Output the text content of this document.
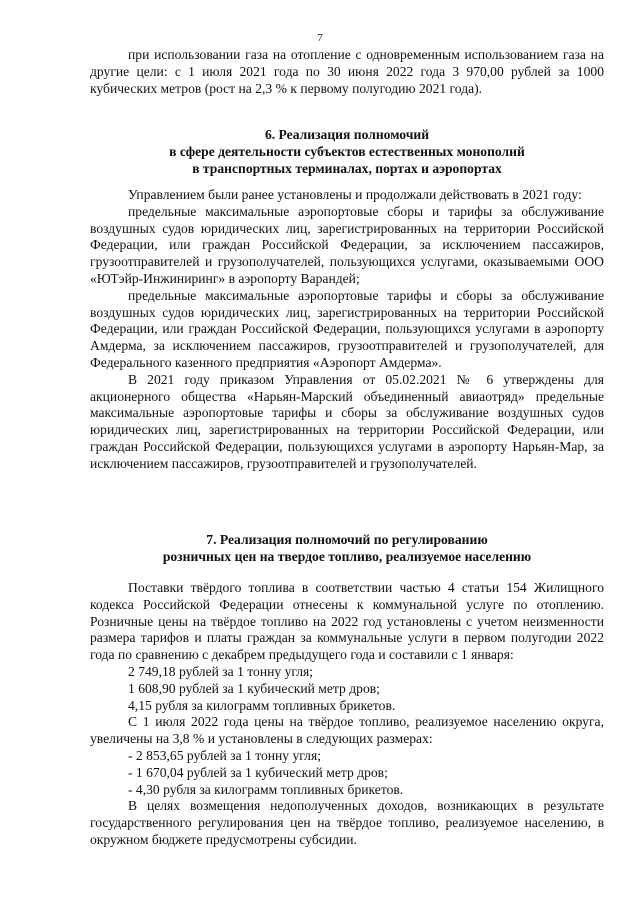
7

при использовании газа на отопление с одновременным использованием газа на другие цели: с 1 июля 2021 года по 30 июня 2022 года 3 970,00 рублей за 1000 кубических метров (рост на 2,3 % к первому полугодию 2021 года).

6. Реализация полномочий
в сфере деятельности субъектов естественных монополий
в транспортных терминалах, портах и аэропортах

Управлением были ранее установлены и продолжали действовать в 2021 году:

предельные максимальные аэропортовые сборы и тарифы за обслуживание воздушных судов юридических лиц, зарегистрированных на территории Российской Федерации, или граждан Российской Федерации, за исключением пассажиров, грузоотправителей и грузополучателей, пользующихся услугами, оказываемыми ООО «ЮТэйр-Инжиниринг» в аэропорту Варандей;

предельные максимальные аэропортовые тарифы и сборы за обслуживание воздушных судов юридических лиц, зарегистрированных на территории Российской Федерации, или граждан Российской Федерации, пользующихся услугами в аэропорту Амдерма, за исключением пассажиров, грузоотправителей и грузополучателей, для Федерального казенного предприятия «Аэропорт Амдерма».

В 2021 году приказом Управления от 05.02.2021 № 6 утверждены для акционерного общества «Нарьян-Марский объединенный авиаотряд» предельные максимальные аэропортовые тарифы и сборы за обслуживание воздушных судов юридических лиц, зарегистрированных на территории Российской Федерации, или граждан Российской Федерации, пользующихся услугами в аэропорту Нарьян-Мар, за исключением пассажиров, грузоотправителей и грузополучателей.

7. Реализация полномочий по регулированию
розничных цен на твердое топливо, реализуемое населению

Поставки твёрдого топлива в соответствии частью 4 статьи 154 Жилищного кодекса Российской Федерации отнесены к коммунальной услуге по отоплению. Розничные цены на твёрдое топливо на 2022 год установлены с учетом неизменности размера тарифов и платы граждан за коммунальные услуги в первом полугодии 2022 года по сравнению с декабрем предыдущего года и составили с 1 января:

2 749,18 рублей за 1 тонну угля;

1 608,90 рублей за 1 кубический метр дров;

4,15 рубля за килограмм топливных брикетов.

С 1 июля 2022 года цены на твёрдое топливо, реализуемое населению округа, увеличены на 3,8 % и установлены в следующих размерах:

- 2 853,65 рублей за 1 тонну угля;

- 1 670,04 рублей за 1 кубический метр дров;

- 4,30 рубля за килограмм топливных брикетов.

В целях возмещения недополученных доходов, возникающих в результате государственного регулирования цен на твёрдое топливо, реализуемое населению, в окружном бюджете предусмотрены субсидии.
